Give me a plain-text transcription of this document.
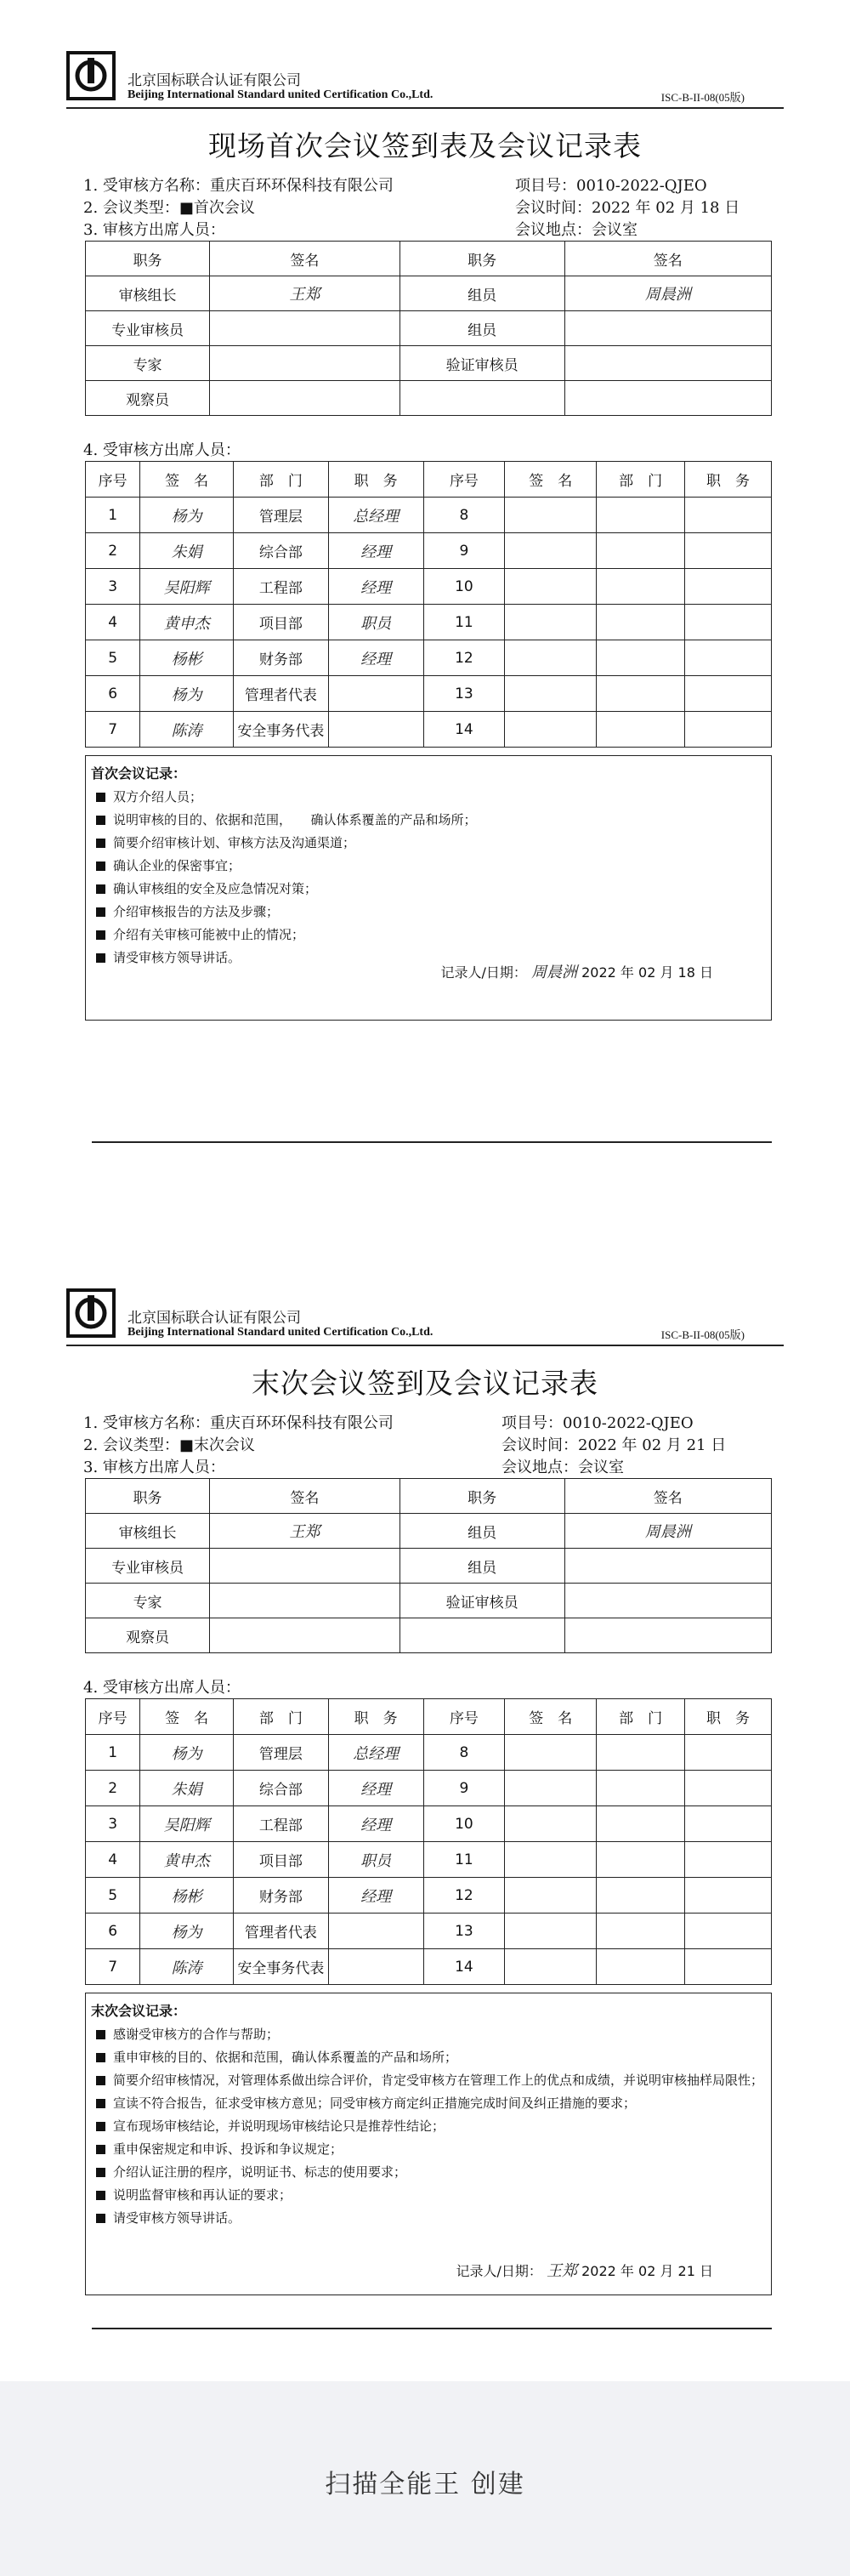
北京国标联合认证有限公司
Beijing International Standard united Certification Co.,Ltd.	ISC-B-II-08(05版)
现场首次会议签到表及会议记录表
1. 受审核方名称：重庆百环环保科技有限公司	项目号：0010-2022-QJEO
2. 会议类型：■首次会议	会议时间：2022 年 02 月 18 日
3. 审核方出席人员：	会议地点：会议室
职务	签名	职务	签名
审核组长	王郑	组员	周晨洲
专业审核员		组员	
专家		验证审核员	
观察员			
4. 受审核方出席人员：
序号	签　名	部　门	职　务	序号	签　名	部　门	职　务
1	杨为	管理层	总经理	8			
2	朱娟	综合部	经理	9			
3	吴阳辉	工程部	经理	10			
4	黄申杰	项目部	职员	11			
5	杨彬	财务部	经理	12			
6	杨为	管理者代表		13			
7	陈涛	安全事务代表		14			
首次会议记录：
双方介绍人员；
说明审核的目的、依据和范围，　　确认体系覆盖的产品和场所；
简要介绍审核计划、审核方法及沟通渠道；
确认企业的保密事宜；
确认审核组的安全及应急情况对策；
介绍审核报告的方法及步骤；
介绍有关审核可能被中止的情况；
请受审核方领导讲话。
记录人/日期： 周晨洲 2022 年 02 月 18 日
北京国标联合认证有限公司
Beijing International Standard united Certification Co.,Ltd.	ISC-B-II-08(05版)
末次会议签到及会议记录表
1. 受审核方名称：重庆百环环保科技有限公司	项目号：0010-2022-QJEO
2. 会议类型：■末次会议	会议时间：2022 年 02 月 21 日
3. 审核方出席人员：	会议地点：会议室
职务	签名	职务	签名
审核组长	王郑	组员	周晨洲
专业审核员		组员	
专家		验证审核员	
观察员			
4. 受审核方出席人员：
序号	签　名	部　门	职　务	序号	签　名	部　门	职　务
1	杨为	管理层	总经理	8			
2	朱娟	综合部	经理	9			
3	吴阳辉	工程部	经理	10			
4	黄申杰	项目部	职员	11			
5	杨彬	财务部	经理	12			
6	杨为	管理者代表		13			
7	陈涛	安全事务代表		14			
末次会议记录：
感谢受审核方的合作与帮助；
重申审核的目的、依据和范围，确认体系覆盖的产品和场所；
简要介绍审核情况，对管理体系做出综合评价，肯定受审核方在管理工作上的优点和成绩，并说明审核抽样局限性；
宣读不符合报告，征求受审核方意见；同受审核方商定纠正措施完成时间及纠正措施的要求；
宣布现场审核结论，并说明现场审核结论只是推荐性结论；
重申保密规定和申诉、投诉和争议规定；
介绍认证注册的程序，说明证书、标志的使用要求；
说明监督审核和再认证的要求；
请受审核方领导讲话。
记录人/日期： 王郑 2022 年 02 月 21 日
扫描全能王 创建
